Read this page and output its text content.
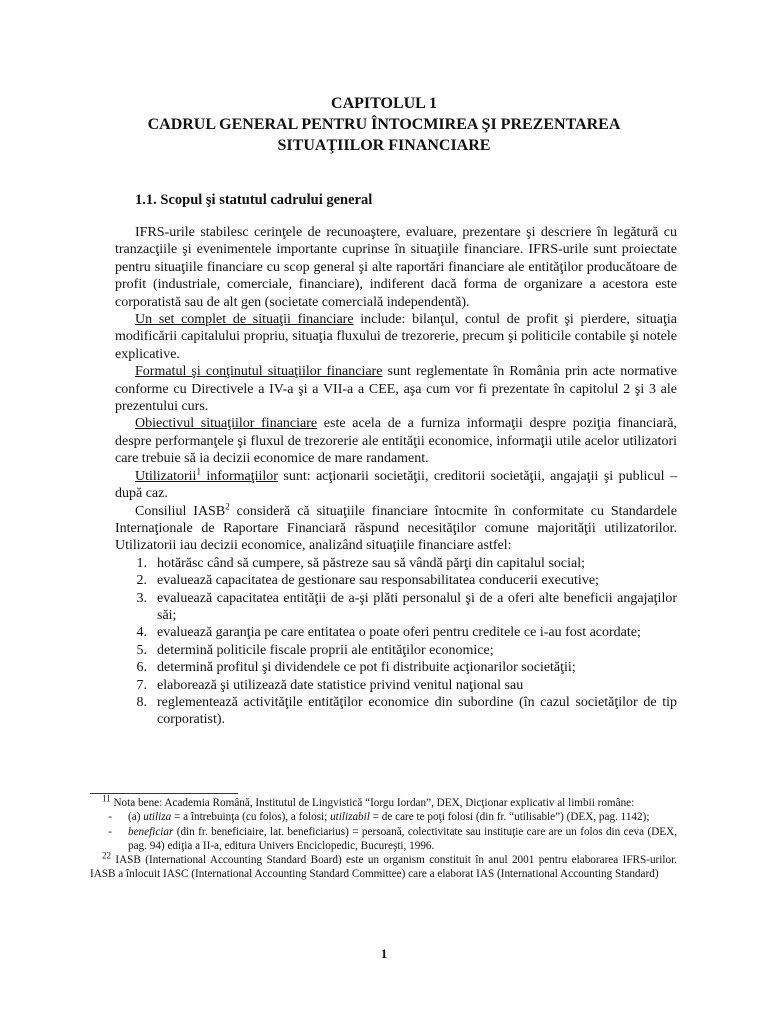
CAPITOLUL 1
CADRUL GENERAL PENTRU ÎNTOCMIREA ŞI PREZENTAREA
SITUAŢIILOR FINANCIARE
1.1. Scopul şi statutul cadrului general

IFRS-urile stabilesc cerinţele de recunoaştere, evaluare, prezentare şi descriere în legătură cu tranzacţiile şi evenimentele importante cuprinse în situaţiile financiare. IFRS-urile sunt proiectate pentru situaţiile financiare cu scop general şi alte raportări financiare ale entităţilor producătoare de profit (industriale, comerciale, financiare), indiferent dacă forma de organizare a acestora este corporatistă sau de alt gen (societate comercială independentă).

Un set complet de situaţii financiare include: bilanţul, contul de profit şi pierdere, situaţia modificării capitalului propriu, situaţia fluxului de trezorerie, precum şi politicile contabile şi notele explicative.

Formatul şi conţinutul situaţiilor financiare sunt reglementate în România prin acte normative conforme cu Directivele a IV-a şi a VII-a a CEE, aşa cum vor fi prezentate în capitolul 2 şi 3 ale prezentului curs.

Obiectivul situaţiilor financiare este acela de a furniza informaţii despre poziţia financiară, despre performanţele şi fluxul de trezorerie ale entităţii economice, informaţii utile acelor utilizatori care trebuie să ia decizii economice de mare randament.

Utilizatorii$^1$ informaţiilor sunt: acţionarii societăţii, creditorii societăţii, angajaţii şi publicul – după caz.

Consiliul IASB$^2$ consideră că situaţiile financiare întocmite în conformitate cu Standardele Internaţionale de Raportare Financiară răspund necesităţilor comune majorităţii utilizatorilor. Utilizatorii iau decizii economice, analizând situaţiile financiare astfel:

1. hotărăsc când să cumpere, să păstreze sau să vândă părţi din capitalul social;
2. evaluează capacitatea de gestionare sau responsabilitatea conducerii executive;
3. evaluează capacitatea entităţii de a-şi plăti personalul şi de a oferi alte beneficii angajaţilor săi;
4. evaluează garanţia pe care entitatea o poate oferi pentru creditele ce i-au fost acordate;
5. determină politicile fiscale proprii ale entităţilor economice;
6. determină profitul şi dividendele ce pot fi distribuite acţionarilor societăţii;
7. elaborează şi utilizează date statistice privind venitul naţional sau
8. reglementează activităţile entităţilor economice din subordine (în cazul societăţilor de tip corporatist).

$^{11}$ Nota bene: Academia Română, Institutul de Lingvistică “Iorgu Iordan”, DEX, Dicţionar explicativ al limbii române:

-	(a) utiliza = a întrebuinţa (cu folos), a folosi; utilizabil = de care te poţi folosi (din fr. “utilisable”) (DEX, pag. 1142);
-	beneficiar (din fr. beneficiaire, lat. beneficiarius) = persoană, colectivitate sau instituţie care are un folos din ceva (DEX, pag. 94) ediţia a II-a, editura Univers Enciclopedic, Bucureşti, 1996.

$^{22}$ IASB (International Accounting Standard Board) este un organism constituit în anul 2001 pentru elaborarea IFRS-urilor. IASB a înlocuit IASC (International Accounting Standard Committee) care a elaborat IAS (International Accounting Standard)

1
